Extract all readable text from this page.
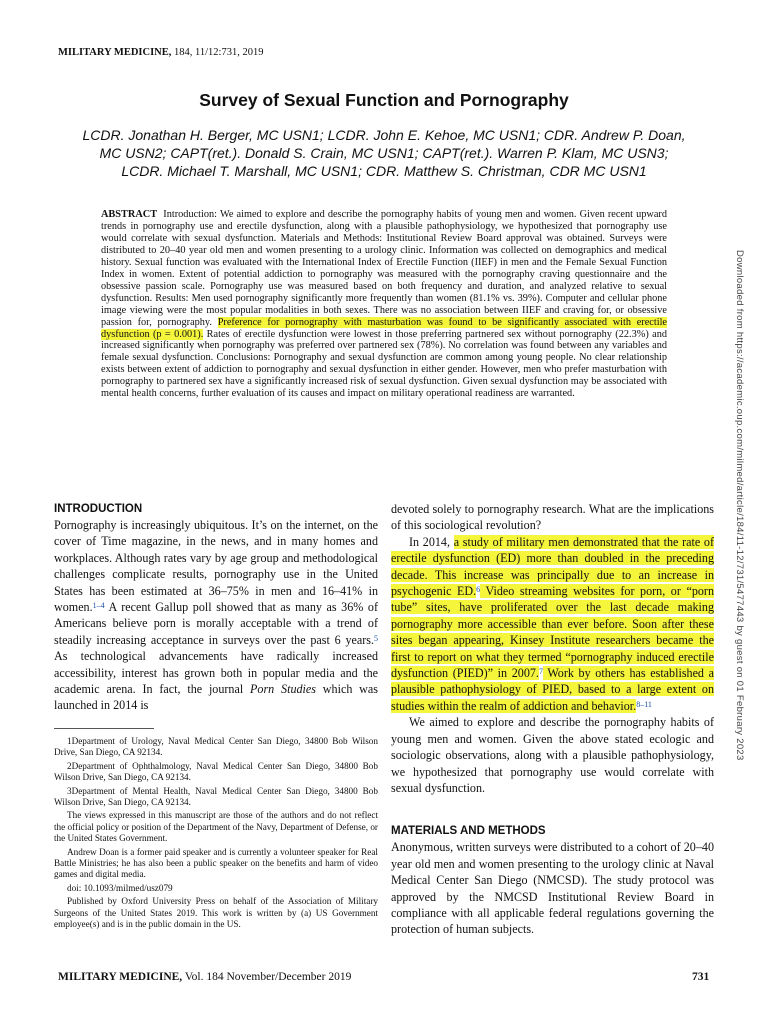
MILITARY MEDICINE, 184, 11/12:731, 2019
Survey of Sexual Function and Pornography
LCDR. Jonathan H. Berger, MC USN1; LCDR. John E. Kehoe, MC USN1; CDR. Andrew P. Doan, MC USN2; CAPT(ret.). Donald S. Crain, MC USN1; CAPT(ret.). Warren P. Klam, MC USN3; LCDR. Michael T. Marshall, MC USN1; CDR. Matthew S. Christman, CDR MC USN1
ABSTRACT Introduction: We aimed to explore and describe the pornography habits of young men and women. Given recent upward trends in pornography use and erectile dysfunction, along with a plausible pathophysiology, we hypothesized that pornography use would correlate with sexual dysfunction. Materials and Methods: Institutional Review Board approval was obtained. Surveys were distributed to 20–40 year old men and women presenting to a urology clinic. Information was collected on demographics and medical history. Sexual function was evaluated with the International Index of Erectile Function (IIEF) in men and the Female Sexual Function Index in women. Extent of potential addiction to pornography was measured with the pornography craving questionnaire and the obsessive passion scale. Pornography use was measured based on both frequency and duration, and analyzed relative to sexual dysfunction. Results: Men used pornography significantly more frequently than women (81.1% vs. 39%). Computer and cellular phone image viewing were the most popular modalities in both sexes. There was no association between IIEF and craving for, or obsessive passion for, pornography. Preference for pornography with masturbation was found to be significantly associated with erectile dysfunction (p = 0.001). Rates of erectile dysfunction were lowest in those preferring partnered sex without pornography (22.3%) and increased significantly when pornography was preferred over partnered sex (78%). No correlation was found between any variables and female sexual dysfunction. Conclusions: Pornography and sexual dysfunction are common among young people. No clear relationship exists between extent of addiction to pornography and sexual dysfunction in either gender. However, men who prefer masturbation with pornography to partnered sex have a significantly increased risk of sexual dysfunction. Given sexual dysfunction may be associated with mental health concerns, further evaluation of its causes and impact on military operational readiness are warranted.	Downloaded from https://academic.oup.com/milmed/article/184/11-12/731/5477443 by guest on 01 February 2023
INTRODUCTION

Pornography is increasingly ubiquitous. It’s on the internet, on the cover of Time magazine, in the news, and in many homes and workplaces. Although rates vary by age group and methodological challenges complicate results, pornography use in the United States has been estimated at 36–75% in men and 16–41% in women.$^{1-4}$ A recent Gallup poll showed that as many as 36% of Americans believe porn is morally acceptable with a trend of steadily increasing acceptance in surveys over the past 6 years.$^5$ As technological advancements have radically increased accessibility, interest has grown both in popular media and the academic arena. In fact, the journal Porn Studies which was launched in 2014 is

1Department of Urology, Naval Medical Center San Diego, 34800 Bob Wilson Drive, San Diego, CA 92134.

2Department of Ophthalmology, Naval Medical Center San Diego, 34800 Bob Wilson Drive, San Diego, CA 92134.

3Department of Mental Health, Naval Medical Center San Diego, 34800 Bob Wilson Drive, San Diego, CA 92134.

The views expressed in this manuscript are those of the authors and do not reflect the official policy or position of the Department of the Navy, Department of Defense, or the United States Government.

Andrew Doan is a former paid speaker and is currently a volunteer speaker for Real Battle Ministries; he has also been a public speaker on the benefits and harm of video games and digital media.

doi: 10.1093/milmed/usz079

Published by Oxford University Press on behalf of the Association of Military Surgeons of the United States 2019. This work is written by (a) US Government employee(s) and is in the public domain in the US.

devoted solely to pornography research. What are the implications of this sociological revolution?

In 2014, a study of military men demonstrated that the rate of erectile dysfunction (ED) more than doubled in the preceding decade. This increase was principally due to an increase in psychogenic ED.$^6$ Video streaming websites for porn, or “porn tube” sites, have proliferated over the last decade making pornography more accessible than ever before. Soon after these sites began appearing, Kinsey Institute researchers became the first to report on what they termed “pornography induced erectile dysfunction (PIED)” in 2007.$^7$ Work by others has established a plausible pathophysiology of PIED, based to a large extent on studies within the realm of addiction and behavior.$^{8-11}$

We aimed to explore and describe the pornography habits of young men and women. Given the above stated ecologic and sociologic observations, along with a plausible pathophysiology, we hypothesized that pornography use would correlate with sexual dysfunction.

MATERIALS AND METHODS

Anonymous, written surveys were distributed to a cohort of 20–40 year old men and women presenting to the urology clinic at Naval Medical Center San Diego (NMCSD). The study protocol was approved by the NMCSD Institutional Review Board in compliance with all applicable federal regulations governing the protection of human subjects.

MILITARY MEDICINE, Vol. 184 November/December 2019	731
